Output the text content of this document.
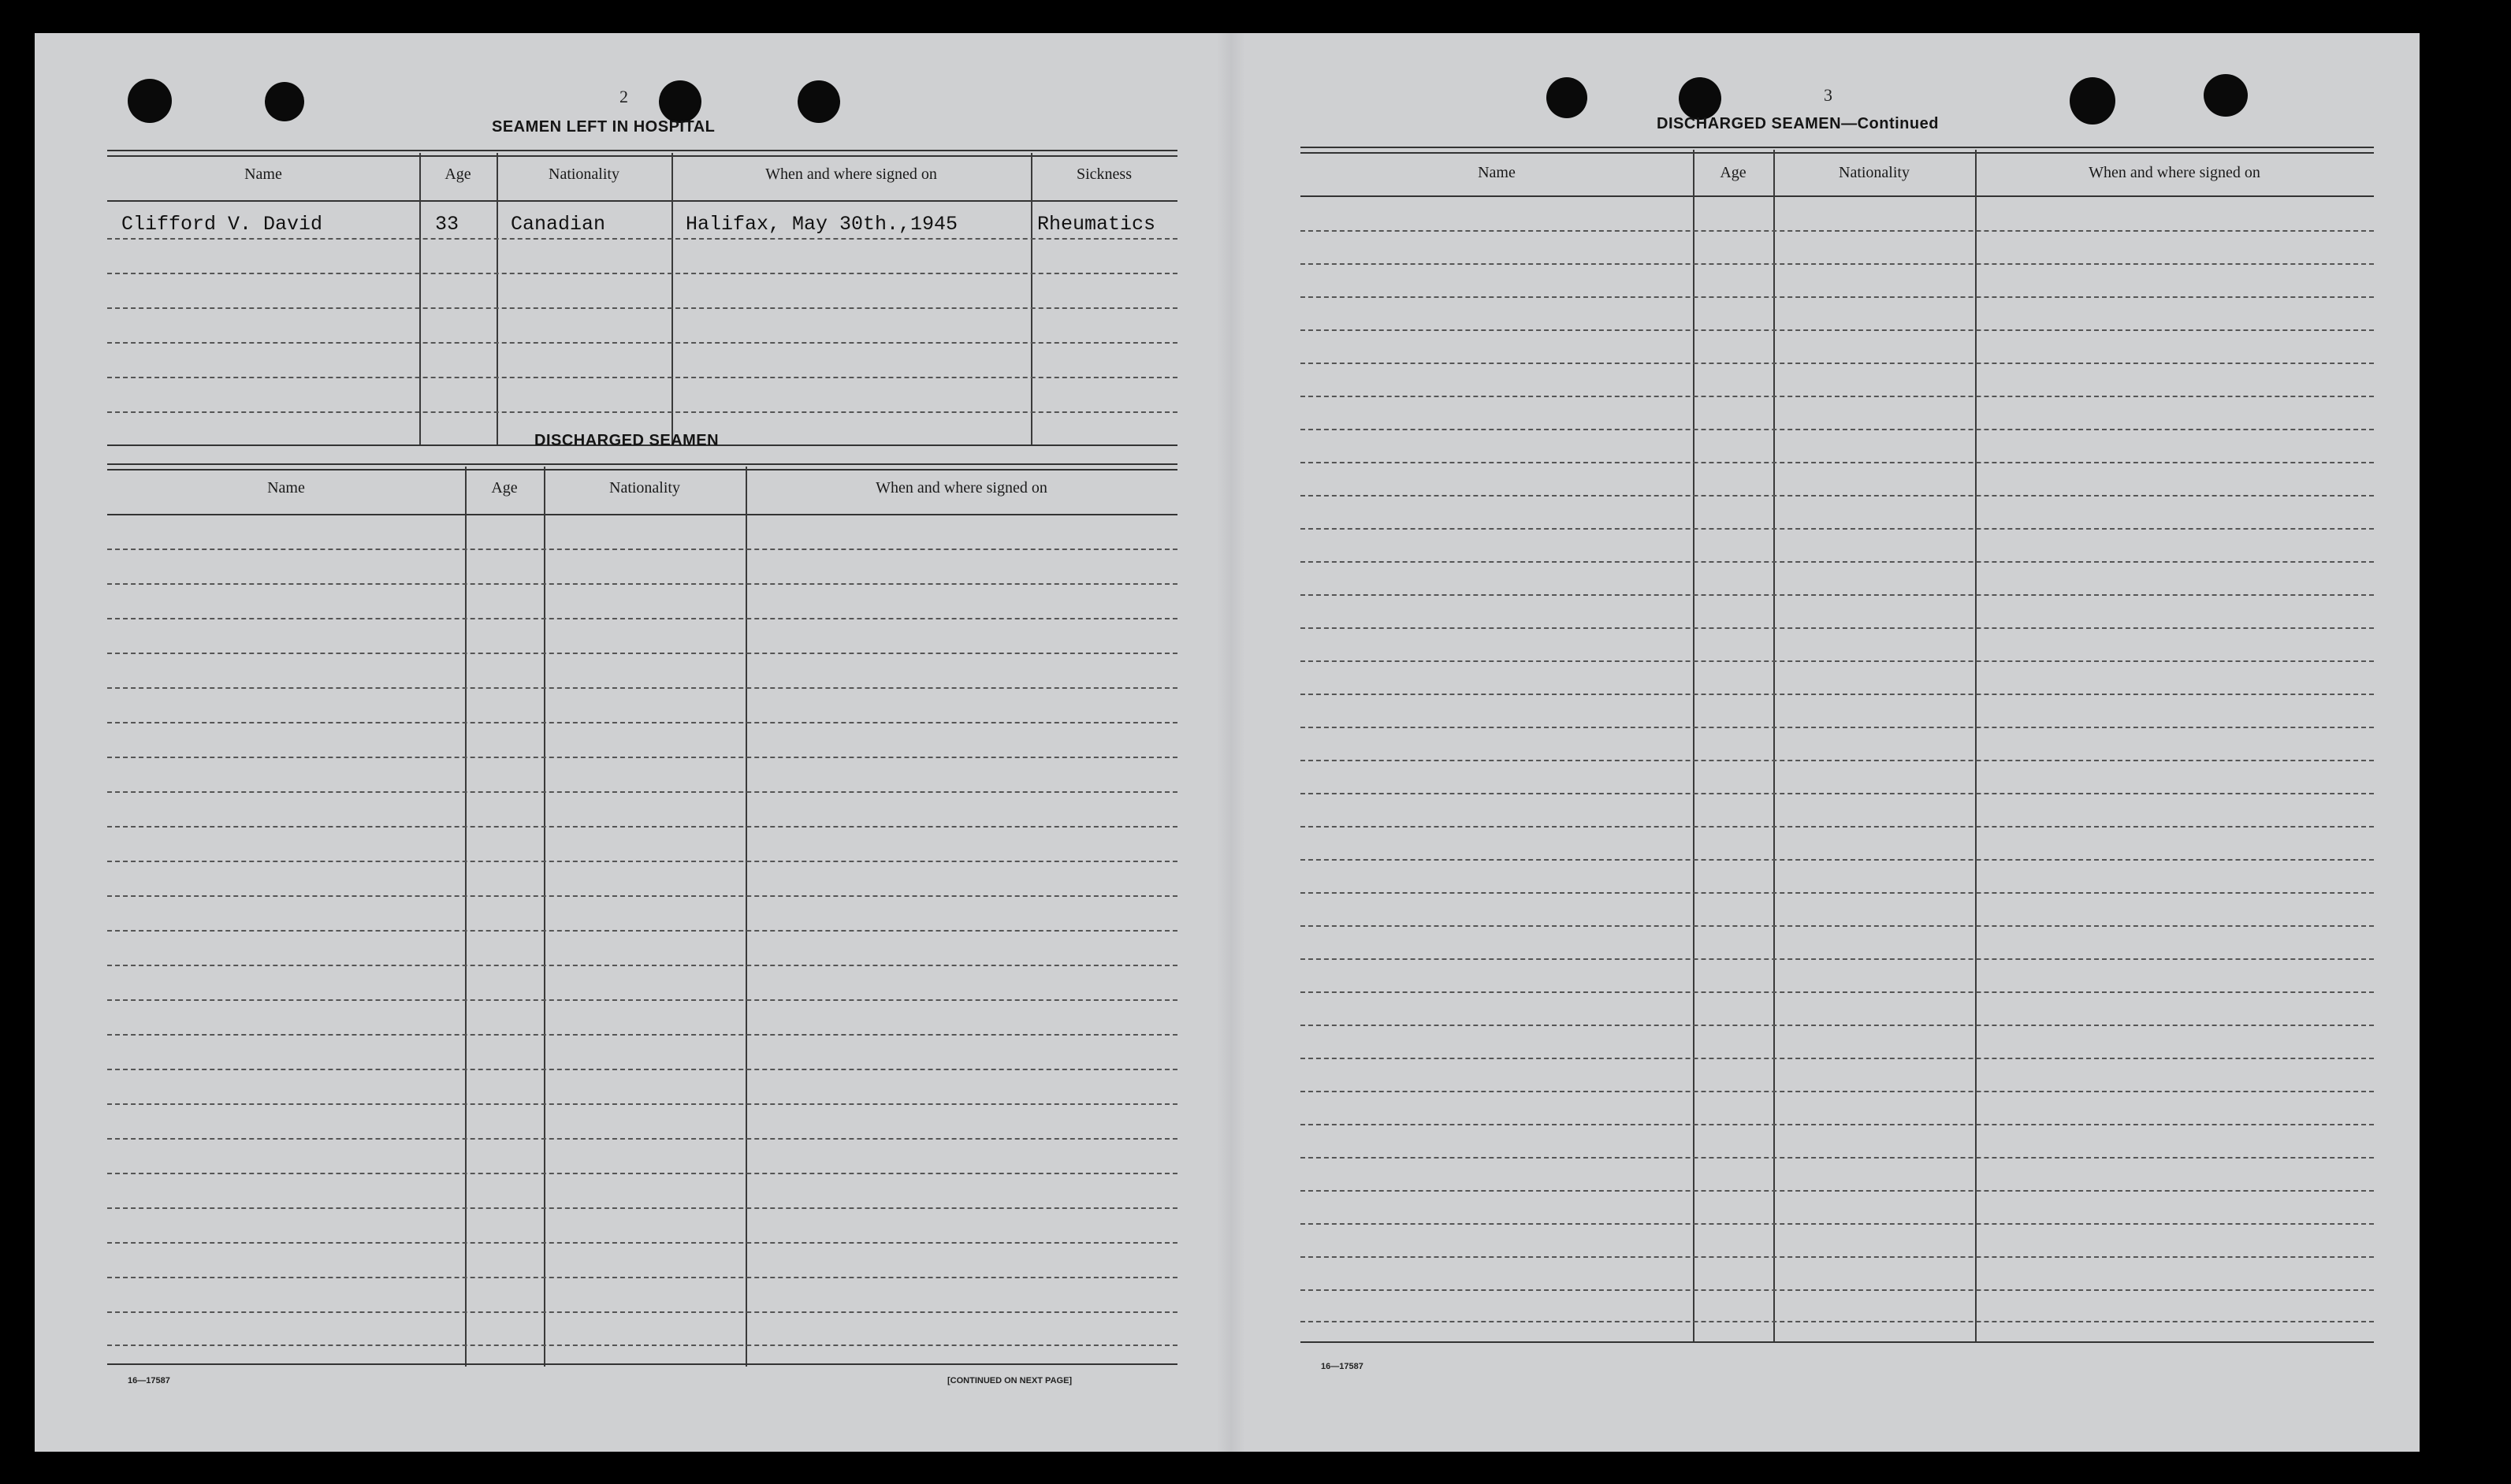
2
SEAMEN LEFT IN HOSPITAL
Name	Age	Nationality	When and where signed on	Sickness
Clifford V. David	33	Canadian	Halifax, May 30th.,1945	Rheumatics
DISCHARGED SEAMEN
Name	Age	Nationality	When and where signed on
16—17587	[CONTINUED ON NEXT PAGE]
3
DISCHARGED SEAMEN—Continued
Name	Age	Nationality	When and where signed on
16—17587
